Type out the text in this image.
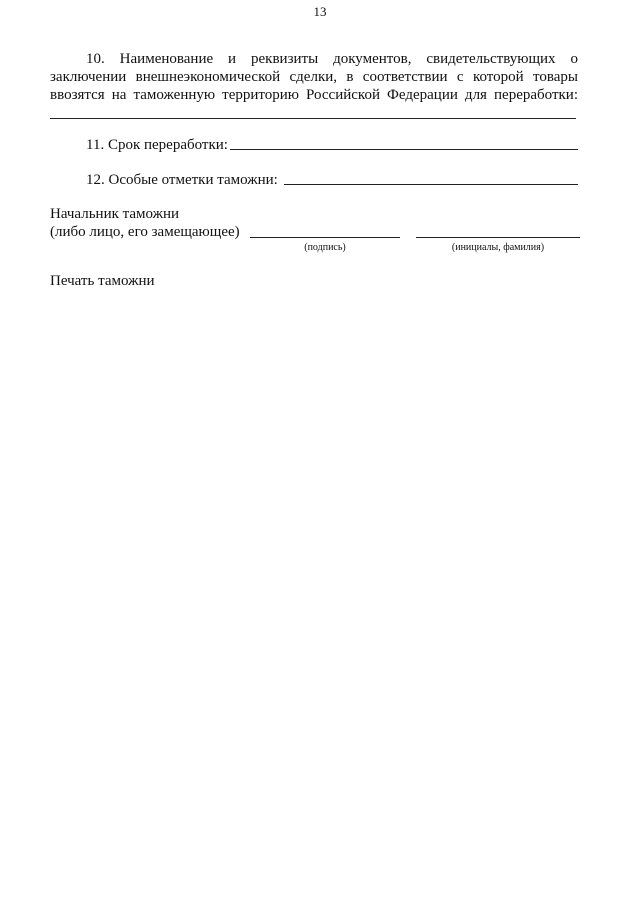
13
10. Наименование и реквизиты документов, свидетельствующих о заключении внешнеэкономической сделки, в соответствии с которой товары ввозятся на таможенную территорию Российской Федерации для переработки:
11. Срок переработки:
12. Особые отметки таможни:
Начальник таможни
(либо лицо, его замещающее)
(подпись)	(инициалы, фамилия)
Печать таможни
